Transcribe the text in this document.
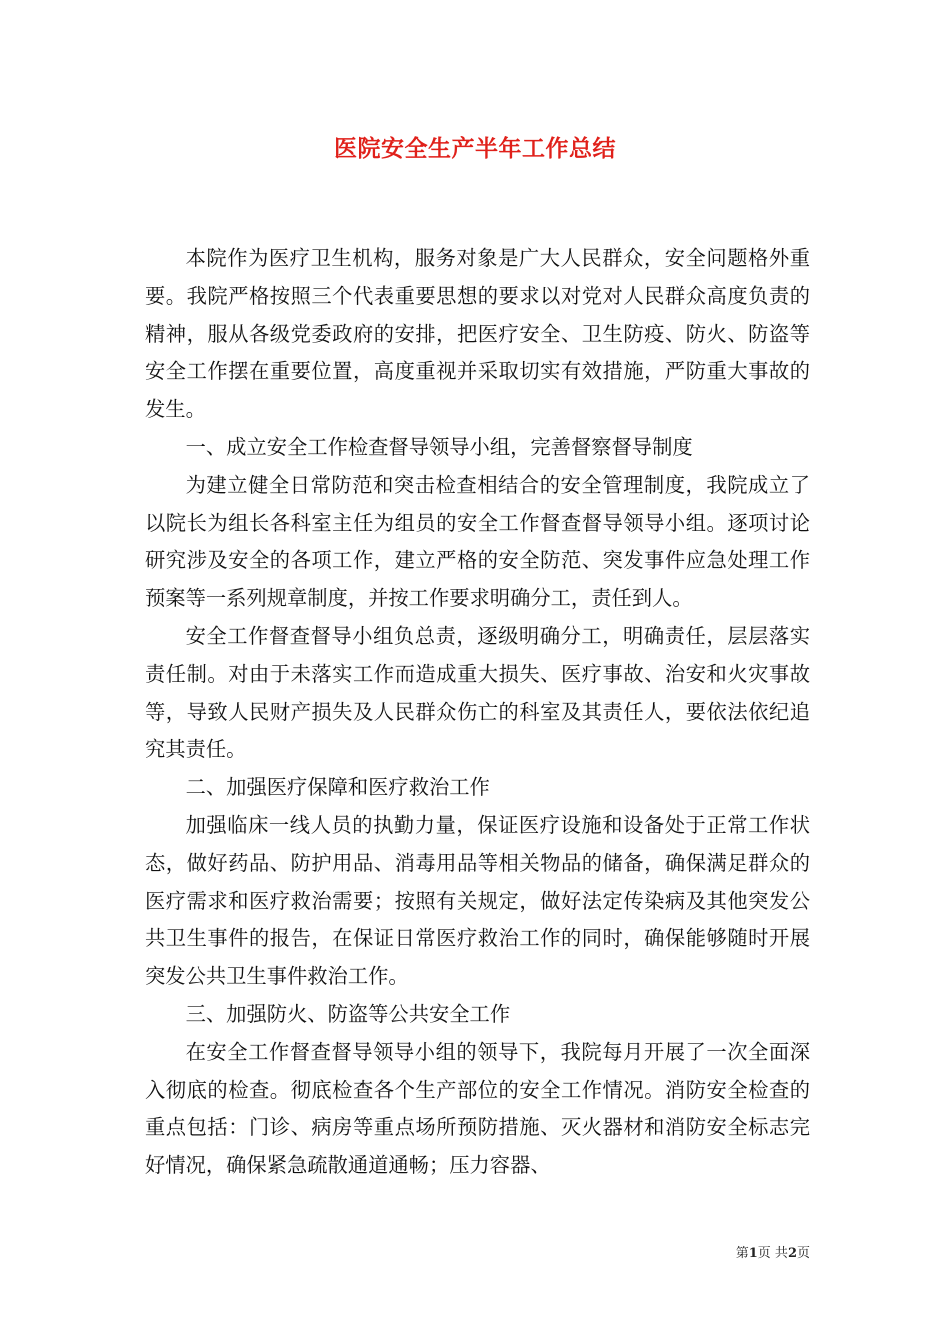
医院安全生产半年工作总结

本院作为医疗卫生机构，服务对象是广大人民群众，安全问题格外重要。我院严格按照三个代表重要思想的要求以对党对人民群众高度负责的精神，服从各级党委政府的安排，把医疗安全、卫生防疫、防火、防盗等安全工作摆在重要位置，高度重视并采取切实有效措施，严防重大事故的发生。

一、成立安全工作检查督导领导小组，完善督察督导制度

为建立健全日常防范和突击检查相结合的安全管理制度，我院成立了以院长为组长各科室主任为组员的安全工作督查督导领导小组。逐项讨论研究涉及安全的各项工作，建立严格的安全防范、突发事件应急处理工作预案等一系列规章制度，并按工作要求明确分工，责任到人。

安全工作督查督导小组负总责，逐级明确分工，明确责任，层层落实责任制。对由于未落实工作而造成重大损失、医疗事故、治安和火灾事故等，导致人民财产损失及人民群众伤亡的科室及其责任人，要依法依纪追究其责任。

二、加强医疗保障和医疗救治工作

加强临床一线人员的执勤力量，保证医疗设施和设备处于正常工作状态，做好药品、防护用品、消毒用品等相关物品的储备，确保满足群众的医疗需求和医疗救治需要；按照有关规定，做好法定传染病及其他突发公共卫生事件的报告，在保证日常医疗救治工作的同时，确保能够随时开展突发公共卫生事件救治工作。

三、加强防火、防盗等公共安全工作

在安全工作督查督导领导小组的领导下，我院每月开展了一次全面深入彻底的检查。彻底检查各个生产部位的安全工作情况。消防安全检查的重点包括：门诊、病房等重点场所预防措施、灭火器材和消防安全标志完好情况，确保紧急疏散通道通畅；压力容器、

第1页 共2页
